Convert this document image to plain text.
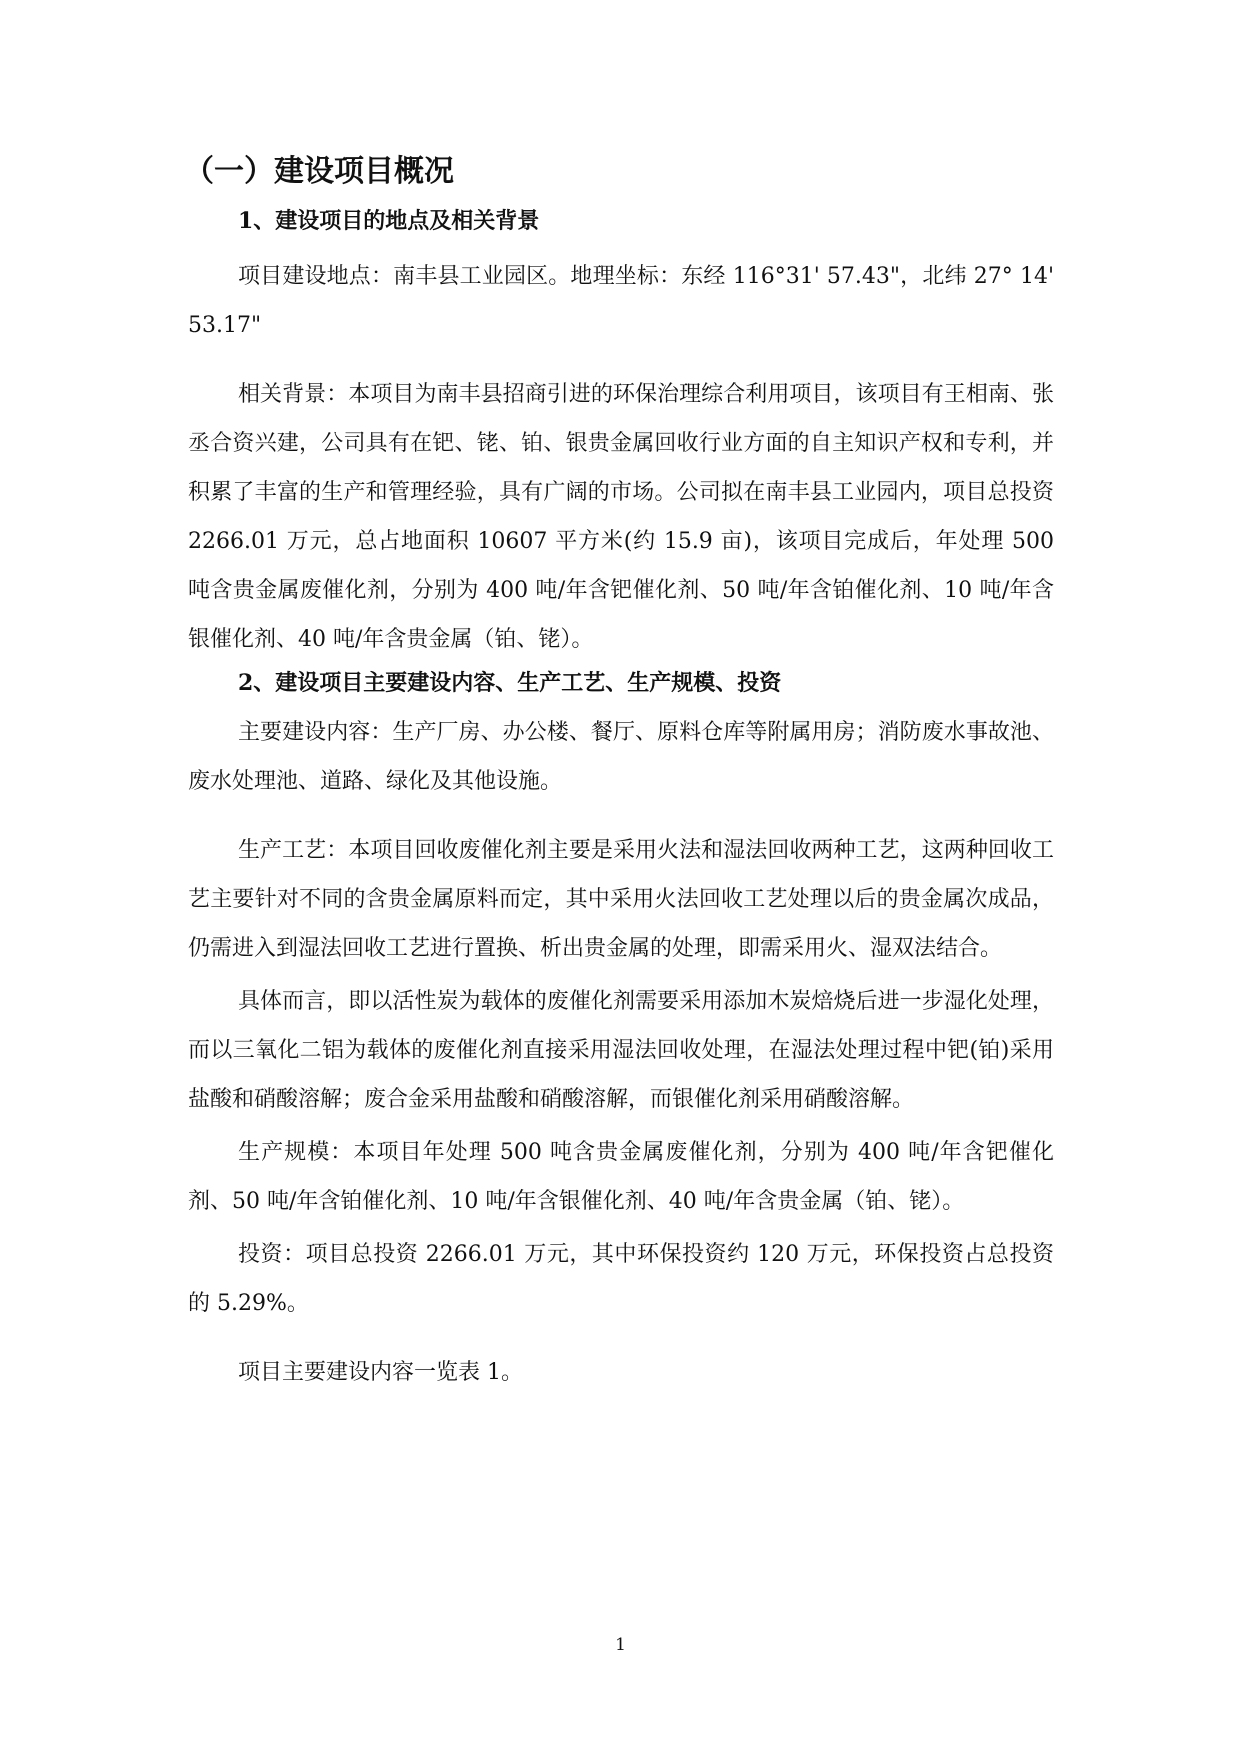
（一）建设项目概况
1、建设项目的地点及相关背景

项目建设地点：南丰县工业园区。地理坐标：东经 116°31' 57.43"，北纬 27° 14' 53.17"

相关背景：本项目为南丰县招商引进的环保治理综合利用项目，该项目有王相南、张丞合资兴建，公司具有在钯、铑、铂、银贵金属回收行业方面的自主知识产权和专利，并积累了丰富的生产和管理经验，具有广阔的市场。公司拟在南丰县工业园内，项目总投资 2266.01 万元，总占地面积 10607 平方米(约 15.9 亩)，该项目完成后，年处理 500 吨含贵金属废催化剂，分别为 400 吨/年含钯催化剂、50 吨/年含铂催化剂、10 吨/年含银催化剂、40 吨/年含贵金属（铂、铑）。

2、建设项目主要建设内容、生产工艺、生产规模、投资

主要建设内容：生产厂房、办公楼、餐厅、原料仓库等附属用房；消防废水事故池、废水处理池、道路、绿化及其他设施。

生产工艺：本项目回收废催化剂主要是采用火法和湿法回收两种工艺，这两种回收工艺主要针对不同的含贵金属原料而定，其中采用火法回收工艺处理以后的贵金属次成品，仍需进入到湿法回收工艺进行置换、析出贵金属的处理，即需采用火、湿双法结合。

具体而言，即以活性炭为载体的废催化剂需要采用添加木炭焙烧后进一步湿化处理，而以三氧化二铝为载体的废催化剂直接采用湿法回收处理，在湿法处理过程中钯(铂)采用盐酸和硝酸溶解；废合金采用盐酸和硝酸溶解，而银催化剂采用硝酸溶解。

生产规模：本项目年处理 500 吨含贵金属废催化剂，分别为 400 吨/年含钯催化剂、50 吨/年含铂催化剂、10 吨/年含银催化剂、40 吨/年含贵金属（铂、铑）。

投资：项目总投资 2266.01 万元，其中环保投资约 120 万元，环保投资占总投资的 5.29%。

项目主要建设内容一览表 1。

1
